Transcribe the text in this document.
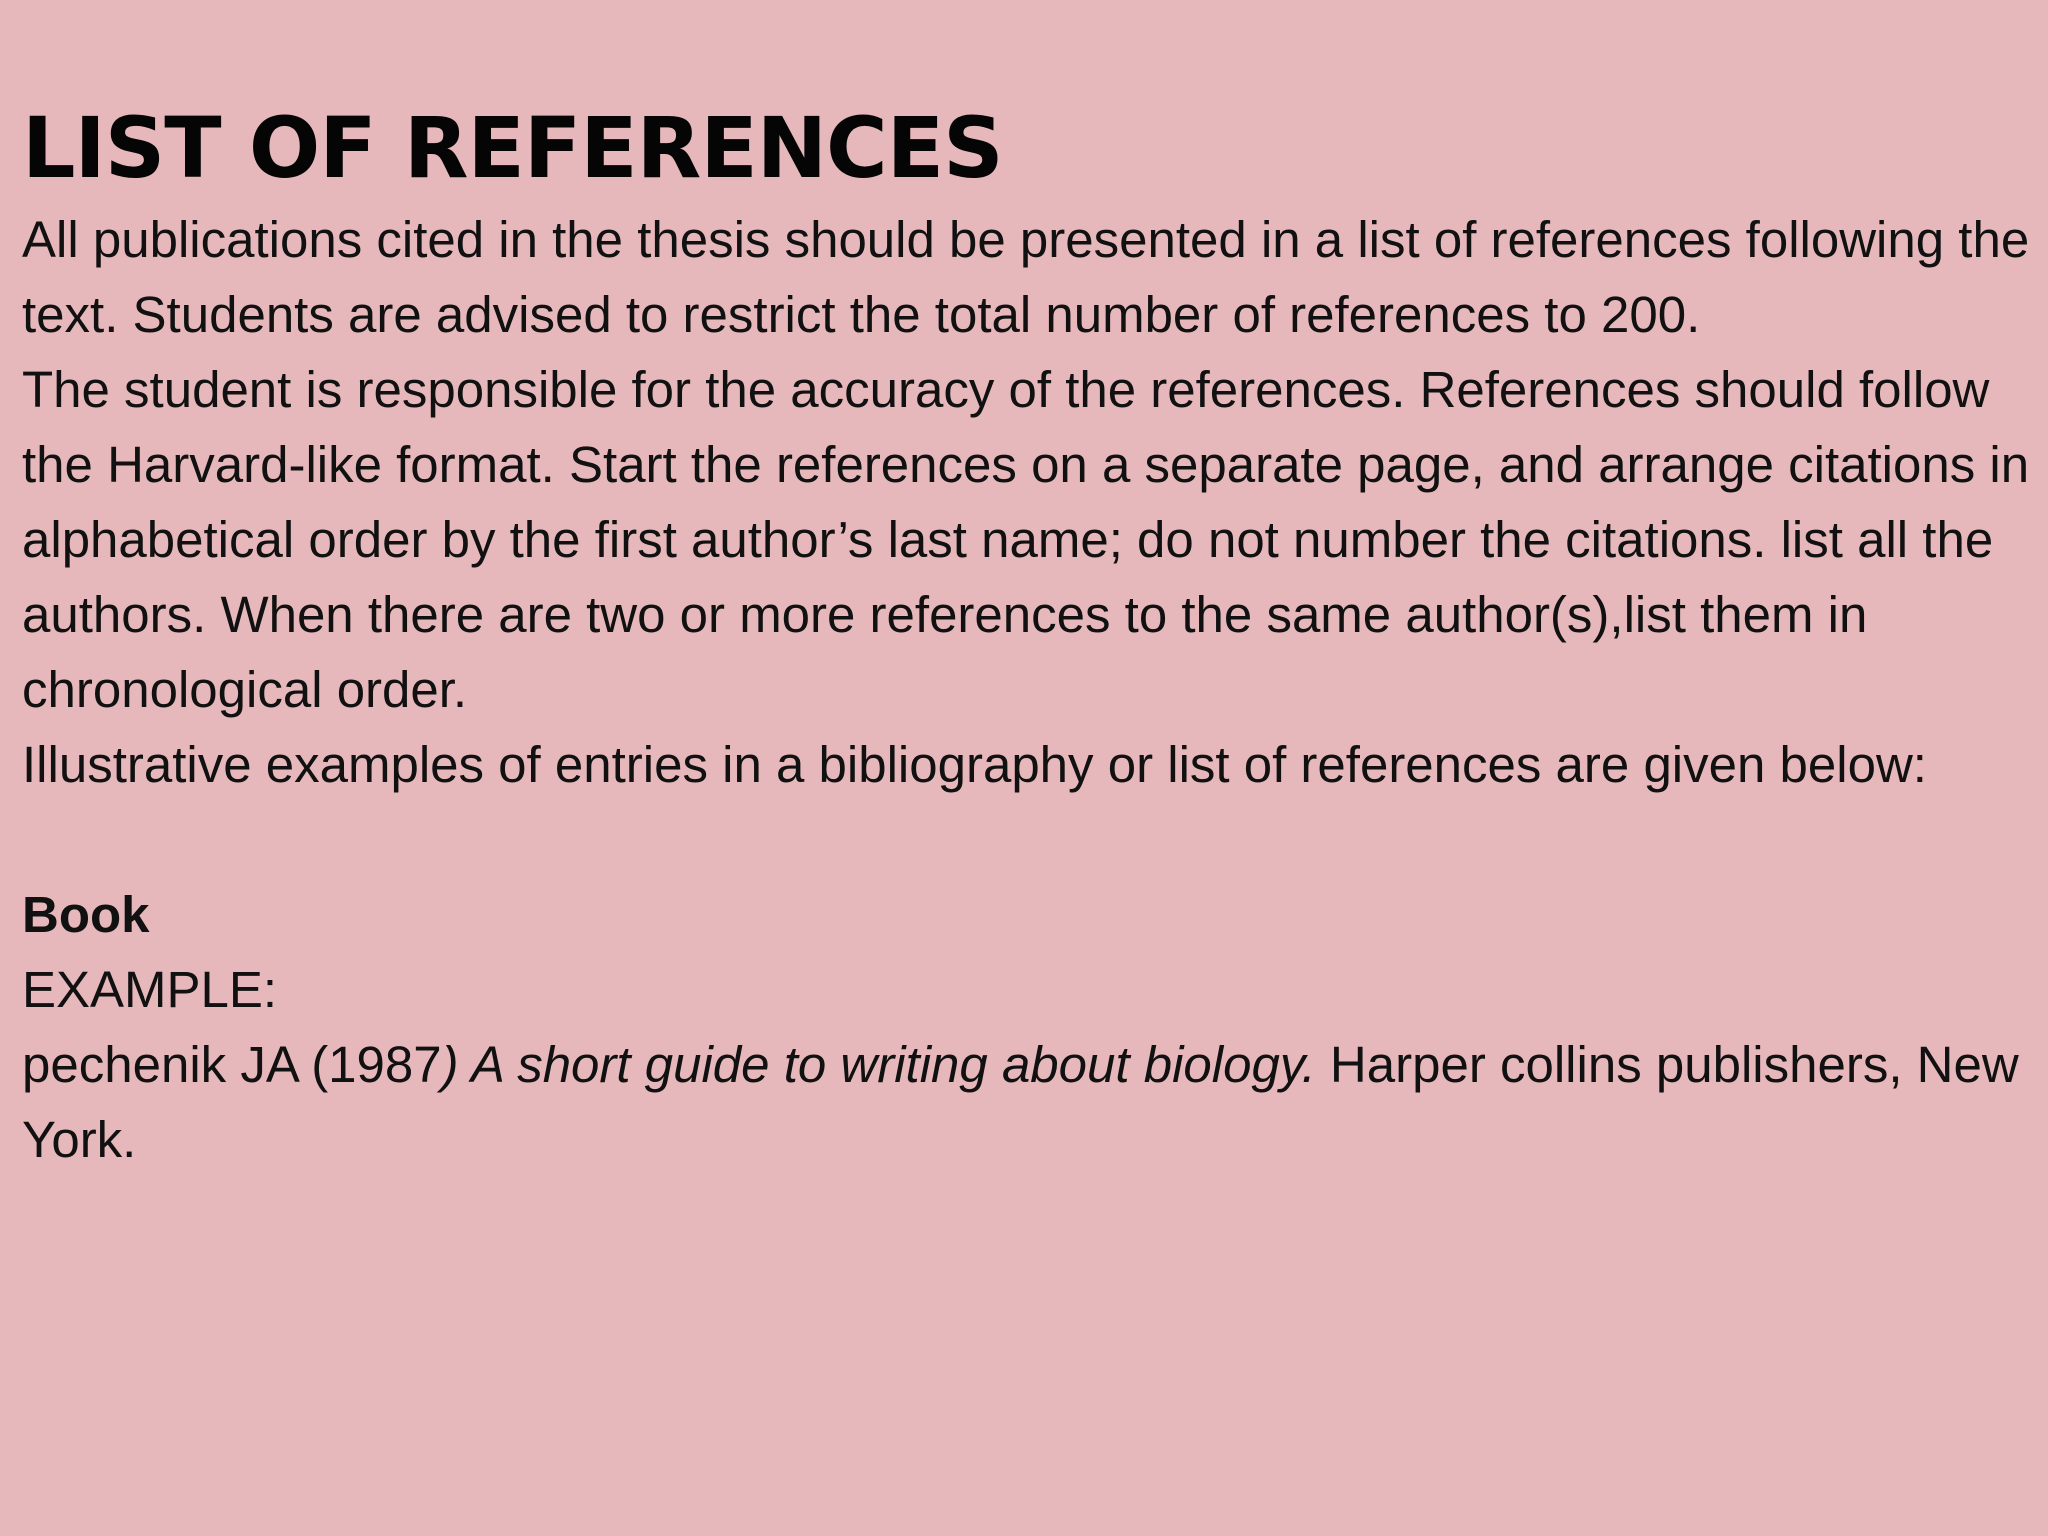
LIST OF REFERENCES

All publications cited in the thesis should be presented in a list of references following the text. Students are advised to restrict the total number of references to 200.

The student is responsible for the accuracy of the references. References should follow the Harvard-like format. Start the references on a separate page, and arrange citations in alphabetical order by the first author’s last name; do not number the citations. list all the authors. When there are two or more references to the same author(s),list them in chronological order.

Illustrative examples of entries in a bibliography or list of references are given below:

Book

EXAMPLE:

pechenik JA (1987) A short guide to writing about biology. Harper collins publishers, New York.
